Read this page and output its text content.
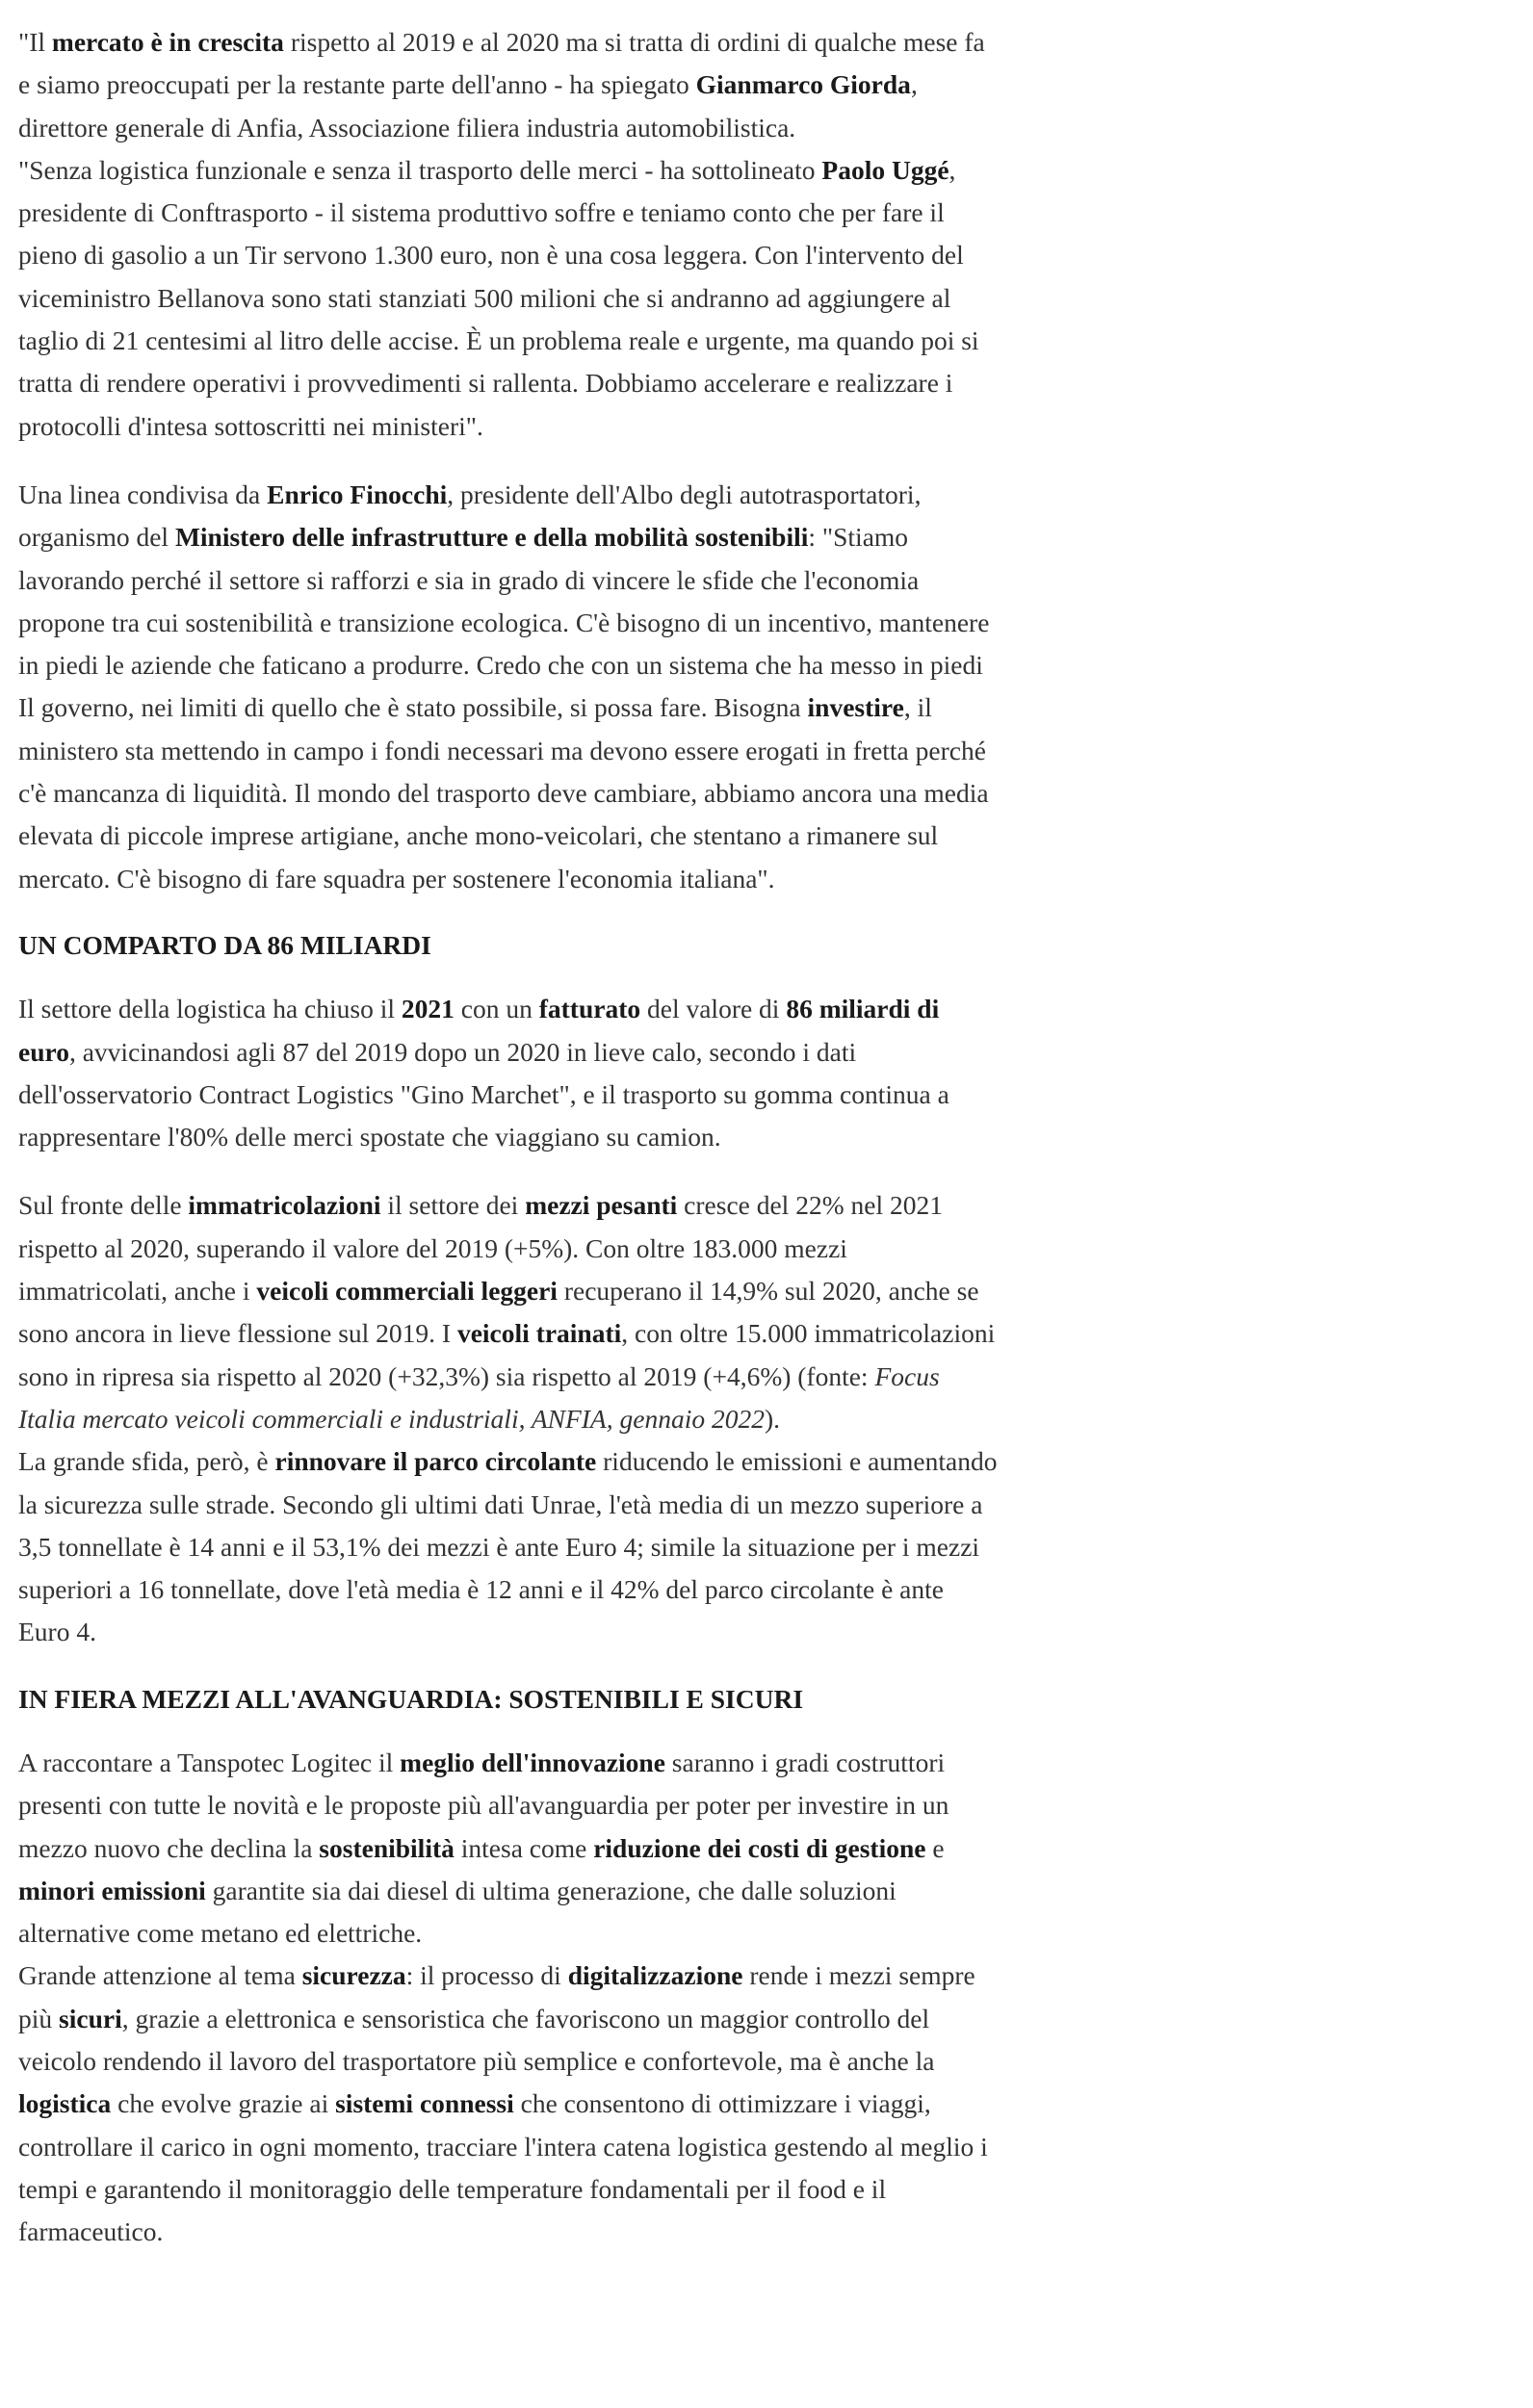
"Il mercato è in crescita rispetto al 2019 e al 2020 ma si tratta di ordini di qualche mese fa e siamo preoccupati per la restante parte dell'anno - ha spiegato Gianmarco Giorda, direttore generale di Anfia, Associazione filiera industria automobilistica.

"Senza logistica funzionale e senza il trasporto delle merci - ha sottolineato Paolo Uggé, presidente di Conftrasporto - il sistema produttivo soffre e teniamo conto che per fare il pieno di gasolio a un Tir servono 1.300 euro, non è una cosa leggera. Con l'intervento del viceministro Bellanova sono stati stanziati 500 milioni che si andranno ad aggiungere al taglio di 21 centesimi al litro delle accise. È un problema reale e urgente, ma quando poi si tratta di rendere operativi i provvedimenti si rallenta. Dobbiamo accelerare e realizzare i protocolli d'intesa sottoscritti nei ministeri".

Una linea condivisa da Enrico Finocchi, presidente dell'Albo degli autotrasportatori, organismo del Ministero delle infrastrutture e della mobilità sostenibili: "Stiamo lavorando perché il settore si rafforzi e sia in grado di vincere le sfide che l'economia propone tra cui sostenibilità e transizione ecologica. C'è bisogno di un incentivo, mantenere in piedi le aziende che faticano a produrre. Credo che con un sistema che ha messo in piedi Il governo, nei limiti di quello che è stato possibile, si possa fare. Bisogna investire, il ministero sta mettendo in campo i fondi necessari ma devono essere erogati in fretta perché c'è mancanza di liquidità. Il mondo del trasporto deve cambiare, abbiamo ancora una media elevata di piccole imprese artigiane, anche mono-veicolari, che stentano a rimanere sul mercato. C'è bisogno di fare squadra per sostenere l'economia italiana".

UN COMPARTO DA 86 MILIARDI

Il settore della logistica ha chiuso il 2021 con un fatturato del valore di 86 miliardi di euro, avvicinandosi agli 87 del 2019 dopo un 2020 in lieve calo, secondo i dati dell'osservatorio Contract Logistics "Gino Marchet", e il trasporto su gomma continua a rappresentare l'80% delle merci spostate che viaggiano su camion.

Sul fronte delle immatricolazioni il settore dei mezzi pesanti cresce del 22% nel 2021 rispetto al 2020, superando il valore del 2019 (+5%). Con oltre 183.000 mezzi immatricolati, anche i veicoli commerciali leggeri recuperano il 14,9% sul 2020, anche se sono ancora in lieve flessione sul 2019. I veicoli trainati, con oltre 15.000 immatricolazioni sono in ripresa sia rispetto al 2020 (+32,3%) sia rispetto al 2019 (+4,6%) (fonte: Focus Italia mercato veicoli commerciali e industriali, ANFIA, gennaio 2022).

La grande sfida, però, è rinnovare il parco circolante riducendo le emissioni e aumentando la sicurezza sulle strade. Secondo gli ultimi dati Unrae, l'età media di un mezzo superiore a 3,5 tonnellate è 14 anni e il 53,1% dei mezzi è ante Euro 4; simile la situazione per i mezzi superiori a 16 tonnellate, dove l'età media è 12 anni e il 42% del parco circolante è ante Euro 4.

IN FIERA MEZZI ALL'AVANGUARDIA: SOSTENIBILI E SICURI

A raccontare a Tanspotec Logitec il meglio dell'innovazione saranno i gradi costruttori presenti con tutte le novità e le proposte più all'avanguardia per poter per investire in un mezzo nuovo che declina la sostenibilità intesa come riduzione dei costi di gestione e minori emissioni garantite sia dai diesel di ultima generazione, che dalle soluzioni alternative come metano ed elettriche.

Grande attenzione al tema sicurezza: il processo di digitalizzazione rende i mezzi sempre più sicuri, grazie a elettronica e sensoristica che favoriscono un maggior controllo del veicolo rendendo il lavoro del trasportatore più semplice e confortevole, ma è anche la logistica che evolve grazie ai sistemi connessi che consentono di ottimizzare i viaggi, controllare il carico in ogni momento, tracciare l'intera catena logistica gestendo al meglio i tempi e garantendo il monitoraggio delle temperature fondamentali per il food e il farmaceutico.
